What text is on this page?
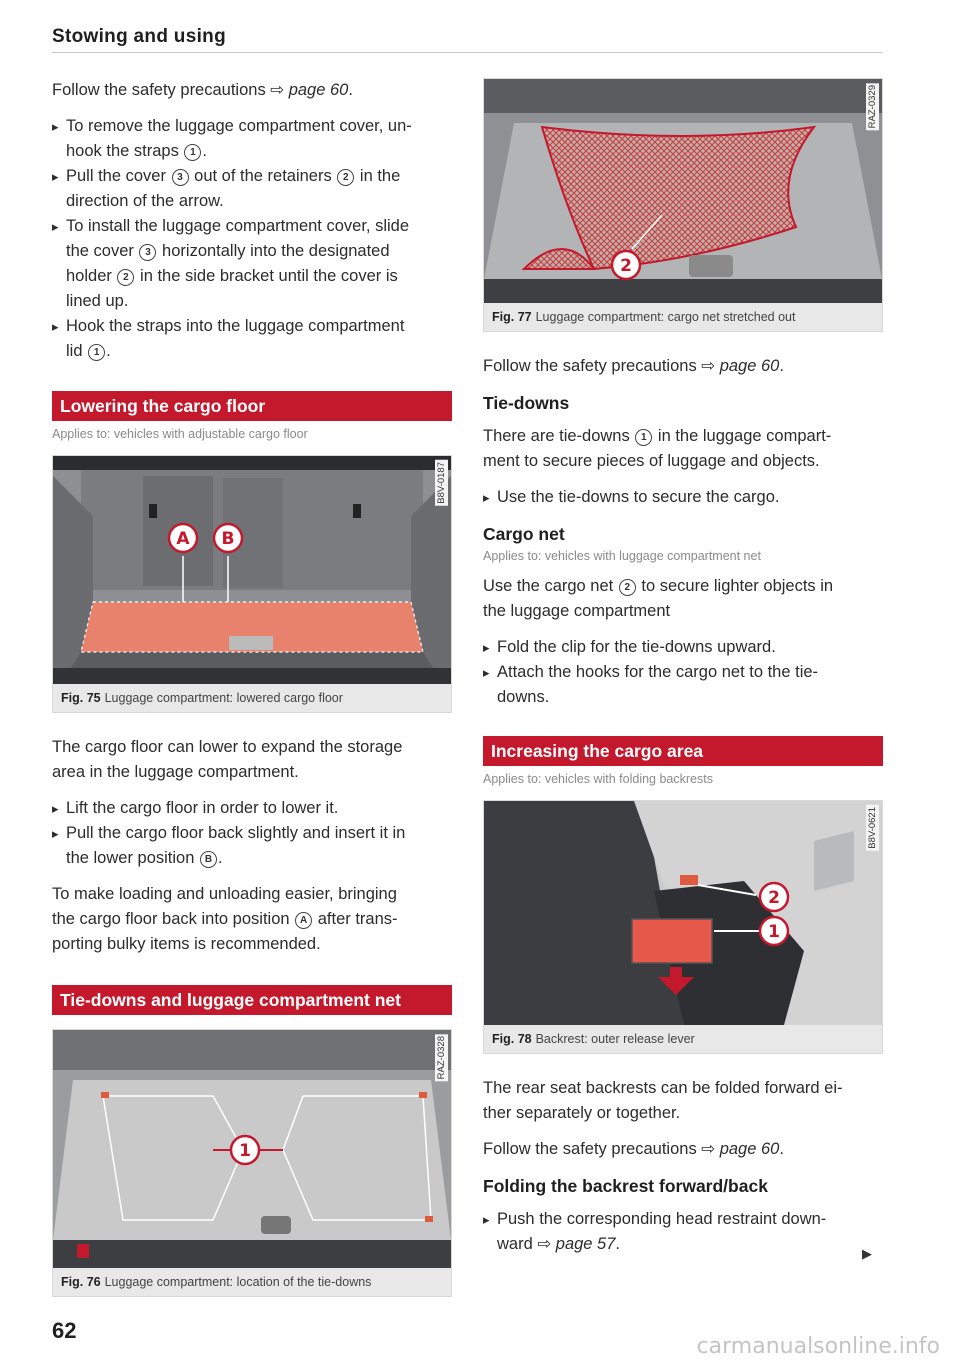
Stowing and using

Follow the safety precautions ⇨ page 60.

▸ To remove the luggage compartment cover, un-
hook the straps 1 .
▸ Pull the cover 3 out of the retainers 2 in the
direction of the arrow.
▸ To install the luggage compartment cover, slide
the cover 3 horizontally into the designated
holder 2 in the side bracket until the cover is
lined up.
▸ Hook the straps into the luggage compartment
lid 1 .
Lowering the cargo floor
Applies to: vehicles with adjustable cargo floor
A B
B8V-0187
Fig. 75 Luggage compartment: lowered cargo floor

The cargo floor can lower to expand the storage
area in the luggage compartment.

▸ Lift the cargo floor in order to lower it.
▸ Pull the cargo floor back slightly and insert it in
the lower position B .

To make loading and unloading easier, bringing
the cargo floor back into position A after trans-
porting bulky items is recommended.

Tie-downs and luggage compartment net
1
RAZ-0328
Fig. 76 Luggage compartment: location of the tie-downs
2
RAZ-0329
Fig. 77 Luggage compartment: cargo net stretched out

Follow the safety precautions ⇨ page 60.

Tie-downs

There are tie-downs 1 in the luggage compart-
ment to secure pieces of luggage and objects.

▸ Use the tie-downs to secure the cargo.
Cargo net
Applies to: vehicles with luggage compartment net

Use the cargo net 2 to secure lighter objects in
the luggage compartment

▸ Fold the clip for the tie-downs upward.
▸ Attach the hooks for the cargo net to the tie-
downs.
Increasing the cargo area
Applies to: vehicles with folding backrests
2
1
B8V-0621
Fig. 78 Backrest: outer release lever

The rear seat backrests can be folded forward ei-
ther separately or together.

Follow the safety precautions ⇨ page 60.

Folding the backrest forward/back
▸ Push the corresponding head restraint down-
ward ⇨ page 57.
▶
62
carmanualsonline.info
